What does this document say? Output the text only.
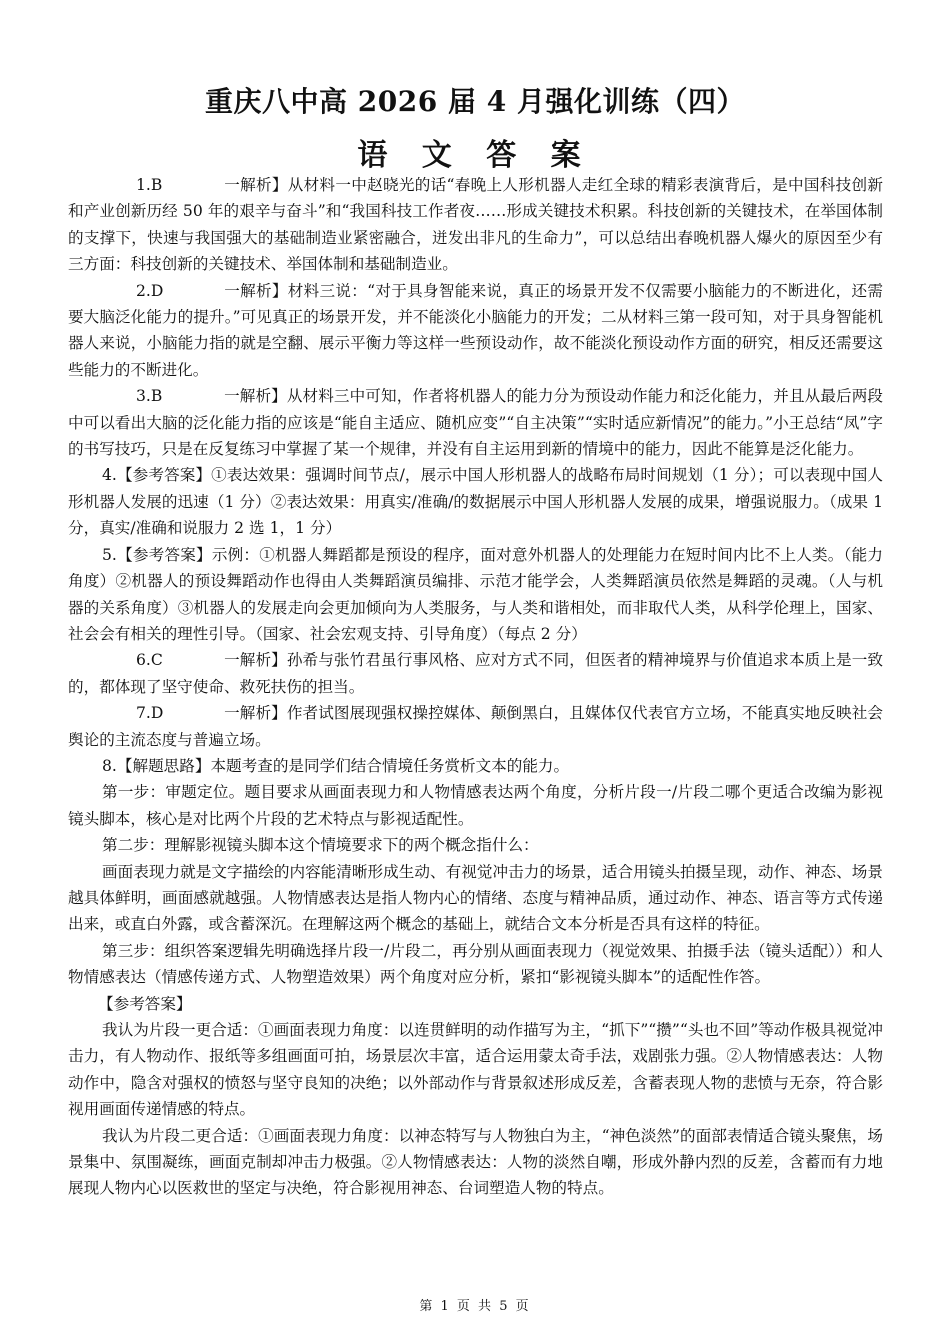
重庆八中高 2026 届 4 月强化训练（四）
语 文 答 案

1.B	一解析】从材料一中赵晓光的话“春晚上人形机器人走红全球的精彩表演背后，是中国科技创新和产业创新历经 50 年的艰辛与奋斗”和“我国科技工作者夜……形成关键技术积累。科技创新的关键技术，在举国体制的支撑下，快速与我国强大的基础制造业紧密融合，迸发出非凡的生命力”，可以总结出春晚机器人爆火的原因至少有三方面：科技创新的关键技术、举国体制和基础制造业。

2.D	一解析】材料三说：“对于具身智能来说，真正的场景开发不仅需要小脑能力的不断进化，还需要大脑泛化能力的提升。”可见真正的场景开发，并不能淡化小脑能力的开发；二从材料三第一段可知，对于具身智能机器人来说，小脑能力指的就是空翻、展示平衡力等这样一些预设动作，故不能淡化预设动作方面的研究，相反还需要这些能力的不断进化。

3.B	一解析】从材料三中可知，作者将机器人的能力分为预设动作能力和泛化能力，并且从最后两段中可以看出大脑的泛化能力指的应该是“能自主适应、随机应变”“自主决策”“实时适应新情况”的能力。”小王总结“凤”字的书写技巧，只是在反复练习中掌握了某一个规律，并没有自主运用到新的情境中的能力，因此不能算是泛化能力。

4.【参考答案】①表达效果：强调时间节点/，展示中国人形机器人的战略布局时间规划（1 分）；可以表现中国人形机器人发展的迅速（1 分）②表达效果：用真实/准确/的数据展示中国人形机器人发展的成果，增强说服力。（成果 1 分，真实/准确和说服力 2 选 1，1 分）

5.【参考答案】示例：①机器人舞蹈都是预设的程序，面对意外机器人的处理能力在短时间内比不上人类。（能力角度）②机器人的预设舞蹈动作也得由人类舞蹈演员编排、示范才能学会，人类舞蹈演员依然是舞蹈的灵魂。（人与机器的关系角度）③机器人的发展走向会更加倾向为人类服务，与人类和谐相处，而非取代人类，从科学伦理上，国家、社会会有相关的理性引导。（国家、社会宏观支持、引导角度）（每点 2 分）

6.C	一解析】孙希与张竹君虽行事风格、应对方式不同，但医者的精神境界与价值追求本质上是一致的，都体现了坚守使命、救死扶伤的担当。

7.D	一解析】作者试图展现强权操控媒体、颠倒黑白，且媒体仅代表官方立场，不能真实地反映社会舆论的主流态度与普遍立场。

8.【解题思路】本题考查的是同学们结合情境任务赏析文本的能力。

第一步：审题定位。题目要求从画面表现力和人物情感表达两个角度，分析片段一/片段二哪个更适合改编为影视镜头脚本，核心是对比两个片段的艺术特点与影视适配性。

第二步：理解影视镜头脚本这个情境要求下的两个概念指什么：

画面表现力就是文字描绘的内容能清晰形成生动、有视觉冲击力的场景，适合用镜头拍摄呈现，动作、神态、场景越具体鲜明，画面感就越强。人物情感表达是指人物内心的情绪、态度与精神品质，通过动作、神态、语言等方式传递出来，或直白外露，或含蓄深沉。在理解这两个概念的基础上，就结合文本分析是否具有这样的特征。

第三步：组织答案逻辑先明确选择片段一/片段二，再分别从画面表现力（视觉效果、拍摄手法（镜头适配））和人物情感表达（情感传递方式、人物塑造效果）两个角度对应分析，紧扣“影视镜头脚本”的适配性作答。

【参考答案】

我认为片段一更合适：①画面表现力角度：以连贯鲜明的动作描写为主，“抓下”“攒”“头也不回”等动作极具视觉冲击力，有人物动作、报纸等多组画面可拍，场景层次丰富，适合运用蒙太奇手法，戏剧张力强。②人物情感表达：人物动作中，隐含对强权的愤怒与坚守良知的决绝；以外部动作与背景叙述形成反差，含蓄表现人物的悲愤与无奈，符合影视用画面传递情感的特点。

我认为片段二更合适：①画面表现力角度：以神态特写与人物独白为主，“神色淡然”的面部表情适合镜头聚焦，场景集中、氛围凝练，画面克制却冲击力极强。②人物情感表达：人物的淡然自嘲，形成外静内烈的反差，含蓄而有力地展现人物内心以医救世的坚定与决绝，符合影视用神态、台词塑造人物的特点。

第 1 页 共 5 页
